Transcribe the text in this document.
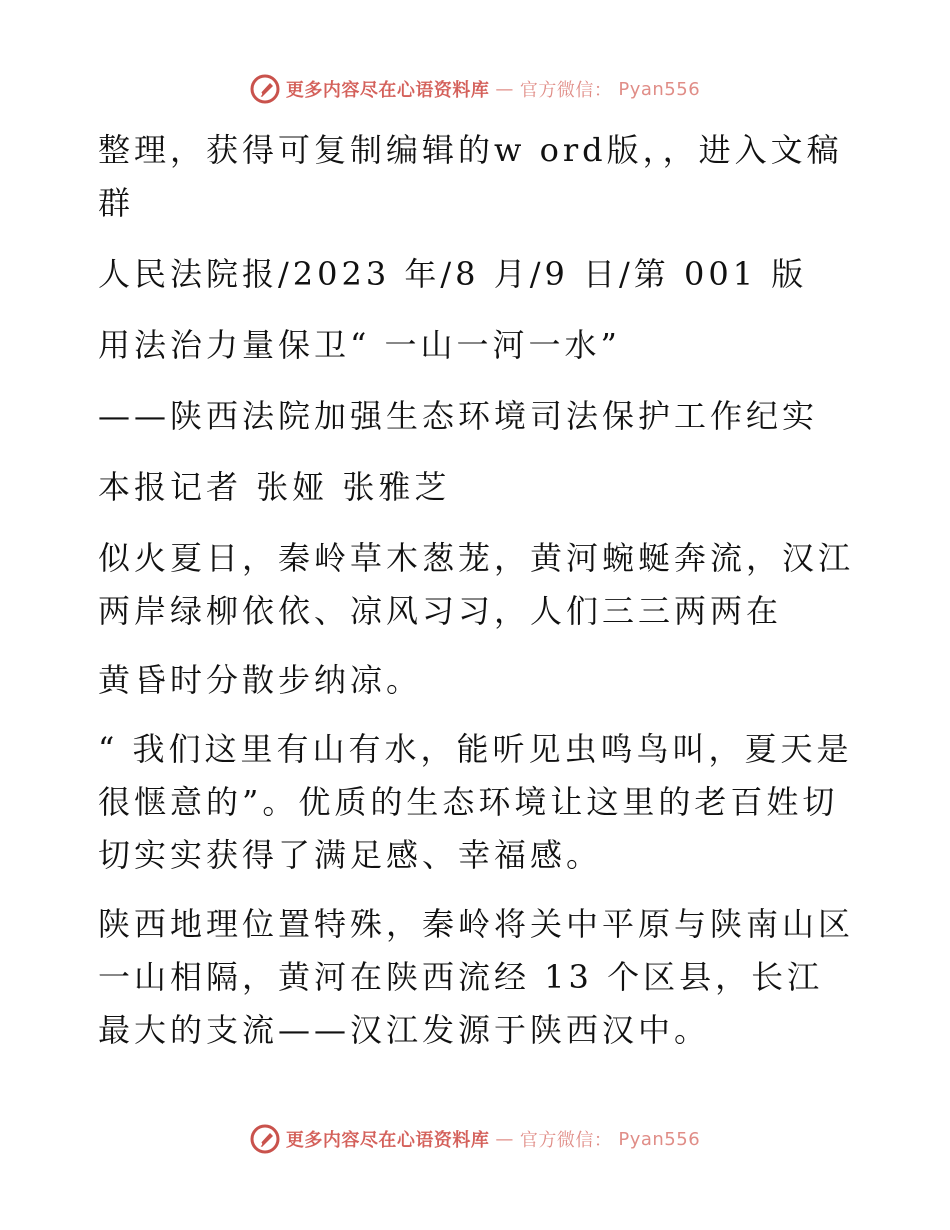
更多内容尽在心语资料库 — 官方微信： Pyan556

整理，获得可复制编辑的w ord版，，进入文稿群

人民法院报/2023 年/8 月/9 日/第 001 版

用法治力量保卫“ 一山一河一水”

——陕西法院加强生态环境司法保护工作纪实

本报记者 张娅 张雅芝

似火夏日，秦岭草木葱茏，黄河蜿蜒奔流，汉江两岸绿柳依依、凉风习习，人们三三两两在

黄昏时分散步纳凉。

“ 我们这里有山有水，能听见虫鸣鸟叫，夏天是很惬意的”。优质的生态环境让这里的老百姓切切实实获得了满足感、幸福感。

陕西地理位置特殊，秦岭将关中平原与陕南山区一山相隔，黄河在陕西流经 13 个区县，长江最大的支流——汉江发源于陕西汉中。

更多内容尽在心语资料库 — 官方微信： Pyan556
